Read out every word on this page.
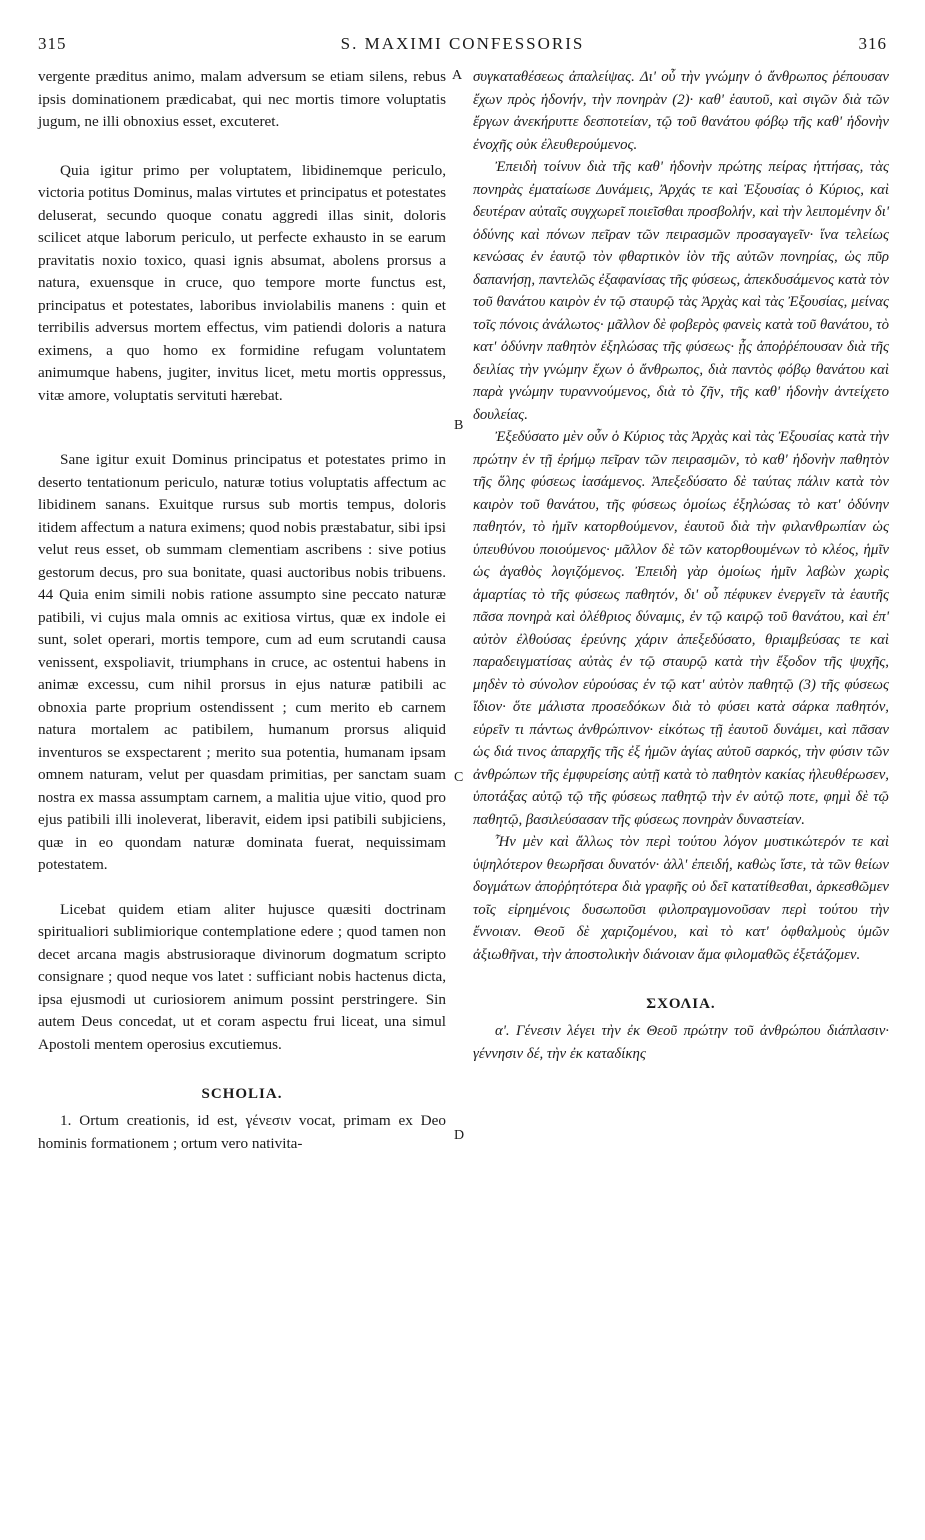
315	S. MAXIMI CONFESSORIS	316
A
B
C
D

vergente præditus animo, malam adversum se etiam silens, rebus ipsis dominationem prædicabat, qui nec mortis timore voluptatis jugum, ne illi obnoxius esset, excuteret.

Quia igitur primo per voluptatem, libidinemque periculo, victoria potitus Dominus, malas virtutes et principatus et potestates deluserat, secundo quoque conatu aggredi illas sinit, doloris scilicet atque laborum periculo, ut perfecte exhausto in se earum pravitatis noxio toxico, quasi ignis absumat, abolens prorsus a natura, exuensque in cruce, quo tempore morte functus est, principatus et potestates, laboribus inviolabilis manens : quin et terribilis adversus mortem effectus, vim patiendi doloris a natura eximens, a quo homo ex formidine refugam voluntatem animumque habens, jugiter, invitus licet, metu mortis oppressus, vitæ amore, voluptatis servituti hærebat.

Sane igitur exuit Dominus principatus et potestates primo in deserto tentationum periculo, naturæ totius voluptatis affectum ac libidinem sanans. Exuitque rursus sub mortis tempus, doloris itidem affectum a natura eximens; quod nobis præstabatur, sibi ipsi velut reus esset, ob summam clementiam ascribens : sive potius gestorum decus, pro sua bonitate, quasi auctoribus nobis tribuens. 44 Quia enim simili nobis ratione assumpto sine peccato naturæ patibili, vi cujus mala omnis ac exitiosa virtus, quæ ex indole ei sunt, solet operari, mortis tempore, cum ad eum scrutandi causa venissent, exspoliavit, triumphans in cruce, ac ostentui habens in animæ excessu, cum nihil prorsus in ejus naturæ patibili ac obnoxia parte proprium ostendissent ; cum merito eb carnem natura mortalem ac patibilem, humanum prorsus aliquid inventuros se exspectarent ; merito sua potentia, humanam ipsam omnem naturam, velut per quasdam primitias, per sanctam suam nostra ex massa assumptam carnem, a malitia ujue vitio, quod pro ejus patibili illi inoleverat, liberavit, eidem ipsi patibili subjiciens, quæ in eo quondam naturæ dominata fuerat, nequissimam potestatem.

Licebat quidem etiam aliter hujusce quæsiti doctrinam spiritualiori sublimiorique contemplatione edere ; quod tamen non decet arcana magis abstrusioraque divinorum dogmatum scripto consignare ; quod neque vos latet : sufficiant nobis hactenus dicta, ipsa ejusmodi ut curiosiorem animum possint perstringere. Sin autem Deus concedat, ut et coram aspectu frui liceat, una simul Apostoli mentem operosius excutiemus.

SCHOLIA.

1. Ortum creationis, id est, γένεσιν vocat, primam ex Deo hominis formationem ; ortum vero nativita-

συγκαταθέσεως ἀπαλείψας. Δι' οὗ τὴν γνώμην ὁ ἄνθρωπος ῥέπουσαν ἔχων πρὸς ἡδονήν, τὴν πονηρὰν (2)· καθ' ἑαυτοῦ, καὶ σιγῶν διὰ τῶν ἔργων ἀνεκήρυττε δεσποτείαν, τῷ τοῦ θανάτου φόβῳ τῆς καθ' ἡδονὴν ἐνοχῆς οὐκ ἐλευθερούμενος.

Ἐπειδὴ τοίνυν διὰ τῆς καθ' ἡδονὴν πρώτης πείρας ἡττήσας, τὰς πονηρὰς ἐματαίωσε Δυνάμεις, Ἀρχάς τε καὶ Ἐξουσίας ὁ Κύριος, καὶ δευτέραν αὐταῖς συγχωρεῖ ποιεῖσθαι προσβολήν, καὶ τὴν λειπομένην δι' ὀδύνης καὶ πόνων πεῖραν τῶν πειρασμῶν προσαγαγεῖν· ἵνα τελείως κενώσας ἐν ἑαυτῷ τὸν φθαρτικὸν ἰὸν τῆς αὐτῶν πονηρίας, ὡς πῦρ δαπανήσῃ, παντελῶς ἐξαφανίσας τῆς φύσεως, ἀπεκδυσάμενος κατὰ τὸν τοῦ θανάτου καιρὸν ἐν τῷ σταυρῷ τὰς Ἀρχὰς καὶ τὰς Ἐξουσίας, μείνας τοῖς πόνοις ἀνάλωτος· μᾶλλον δὲ φοβερὸς φανεὶς κατὰ τοῦ θανάτου, τὸ κατ' ὀδύνην παθητὸν ἐξηλώσας τῆς φύσεως· ᾗς ἀποῤῥέπουσαν διὰ τῆς δειλίας τὴν γνώμην ἔχων ὁ ἄνθρωπος, διὰ παντὸς φόβῳ θανάτου καὶ παρὰ γνώμην τυραννούμενος, διὰ τὸ ζῆν, τῆς καθ' ἡδονὴν ἀντείχετο δουλείας.

Ἐξεδύσατο μὲν οὖν ὁ Κύριος τὰς Ἀρχὰς καὶ τὰς Ἐξουσίας κατὰ τὴν πρώτην ἐν τῇ ἐρήμῳ πεῖραν τῶν πειρασμῶν, τὸ καθ' ἡδονὴν παθητὸν τῆς ὅλης φύσεως ἰασάμενος. Ἀπεξεδύσατο δὲ ταύτας πάλιν κατὰ τὸν καιρὸν τοῦ θανάτου, τῆς φύσεως ὁμοίως ἐξηλώσας τὸ κατ' ὀδύνην παθητόν, τὸ ἡμῖν κατορθούμενον, ἑαυτοῦ διὰ τὴν φιλανθρωπίαν ὡς ὑπευθύνου ποιούμενος· μᾶλλον δὲ τῶν κατορθουμένων τὸ κλέος, ἡμῖν ὡς ἀγαθὸς λογιζόμενος. Ἐπειδὴ γὰρ ὁμοίως ἡμῖν λαβὼν χωρὶς ἁμαρτίας τὸ τῆς φύσεως παθητόν, δι' οὗ πέφυκεν ἐνεργεῖν τὰ ἑαυτῆς πᾶσα πονηρὰ καὶ ὀλέθριος δύναμις, ἐν τῷ καιρῷ τοῦ θανάτου, καὶ ἐπ' αὐτὸν ἐλθούσας ἐρεύνης χάριν ἀπεξεδύσατο, θριαμβεύσας τε καὶ παραδειγματίσας αὐτὰς ἐν τῷ σταυρῷ κατὰ τὴν ἔξοδον τῆς ψυχῆς, μηδὲν τὸ σύνολον εὑρούσας ἐν τῷ κατ' αὐτὸν παθητῷ (3) τῆς φύσεως ἴδιον· ὅτε μάλιστα προσεδόκων διὰ τὸ φύσει κατὰ σάρκα παθητόν, εὑρεῖν τι πάντως ἀνθρώπινον· εἰκότως τῇ ἑαυτοῦ δυνάμει, καὶ πᾶσαν ὡς διά τινος ἀπαρχῆς τῆς ἐξ ἡμῶν ἁγίας αὐτοῦ σαρκός, τὴν φύσιν τῶν ἀνθρώπων τῆς ἐμφυρείσης αὐτῇ κατὰ τὸ παθητὸν κακίας ἠλευθέρωσεν, ὑποτάξας αὐτῷ τῷ τῆς φύσεως παθητῷ τὴν ἐν αὐτῷ ποτε, φημὶ δὲ τῷ παθητῷ, βασιλεύσασαν τῆς φύσεως πονηρὰν δυναστείαν.

Ἦν μὲν καὶ ἄλλως τὸν περὶ τούτου λόγον μυστικώτερόν τε καὶ ὑψηλότερον θεωρῆσαι δυνατόν· ἀλλ' ἐπειδή, καθὼς ἴστε, τὰ τῶν θείων δογμάτων ἀποῤῥητότερα διὰ γραφῆς οὐ δεῖ κατατίθεσθαι, ἀρκεσθῶμεν τοῖς εἰρημένοις δυσωποῦσι φιλοπραγμονοῦσαν περὶ τούτου τὴν ἔννοιαν. Θεοῦ δὲ χαριζομένου, καὶ τὸ κατ' ὀφθαλμοὺς ὑμῶν ἀξιωθῆναι, τὴν ἀποστολικὴν διάνοιαν ἅμα φιλομαθῶς ἐξετάζομεν.

ΣΧΟΛΙΑ.

α'. Γένεσιν λέγει τὴν ἐκ Θεοῦ πρώτην τοῦ ἀνθρώπου διάπλασιν· γέννησιν δέ, τὴν ἐκ καταδίκης
